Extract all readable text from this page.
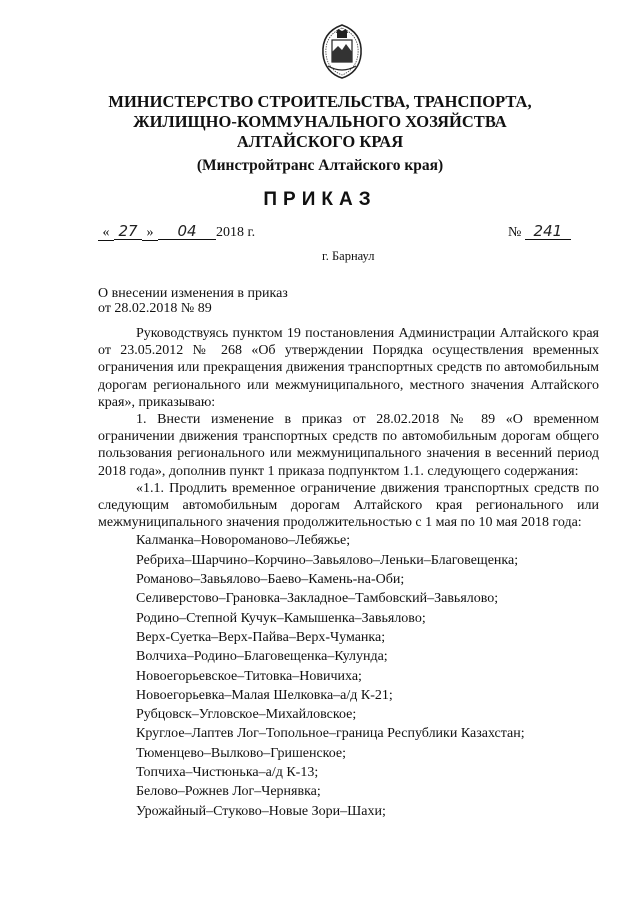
МИНИСТЕРСТВО СТРОИТЕЛЬСТВА, ТРАНСПОРТА,
ЖИЛИЩНО-КОММУНАЛЬНОГО ХОЗЯЙСТВА
АЛТАЙСКОГО КРАЯ
(Минстройтранс Алтайского края)
ПРИКАЗ
« 27 » 04 2018 г.	№ 241
г. Барнаул
О внесении изменения в приказ
от 28.02.2018 № 89

Руководствуясь пунктом 19 постановления Администрации Алтайского края от 23.05.2012 № 268 «Об утверждении Порядка осуществления временных ограничения или прекращения движения транспортных средств по автомобильным дорогам регионального или межмуниципального, местного значения Алтайского края», приказываю:

1. Внести изменение в приказ от 28.02.2018 № 89 «О временном ограничении движения транспортных средств по автомобильным дорогам общего пользования регионального или межмуниципального значения в весенний период 2018 года», дополнив пункт 1 приказа подпунктом 1.1. следующего содержания:

«1.1. Продлить временное ограничение движения транспортных средств по следующим автомобильным дорогам Алтайского края регионального или межмуниципального значения продолжительностью с 1 мая по 10 мая 2018 года:

Калманка–Новороманово–Лебяжье;
Ребриха–Шарчино–Корчино–Завьялово–Леньки–Благовещенка;
Романово–Завьялово–Баево–Камень-на-Оби;
Селиверстово–Грановка–Закладное–Тамбовский–Завьялово;
Родино–Степной Кучук–Камышенка–Завьялово;
Верх-Суетка–Верх-Пайва–Верх-Чуманка;
Волчиха–Родино–Благовещенка–Кулунда;
Новоегорьевское–Титовка–Новичиха;
Новоегорьевка–Малая Шелковка–а/д К-21;
Рубцовск–Угловское–Михайловское;
Круглое–Лаптев Лог–Топольное–граница Республики Казахстан;
Тюменцево–Вылково–Гришенское;
Топчиха–Чистюнька–а/д К-13;
Белово–Рожнев Лог–Чернявка;
Урожайный–Стуково–Новые Зори–Шахи;
